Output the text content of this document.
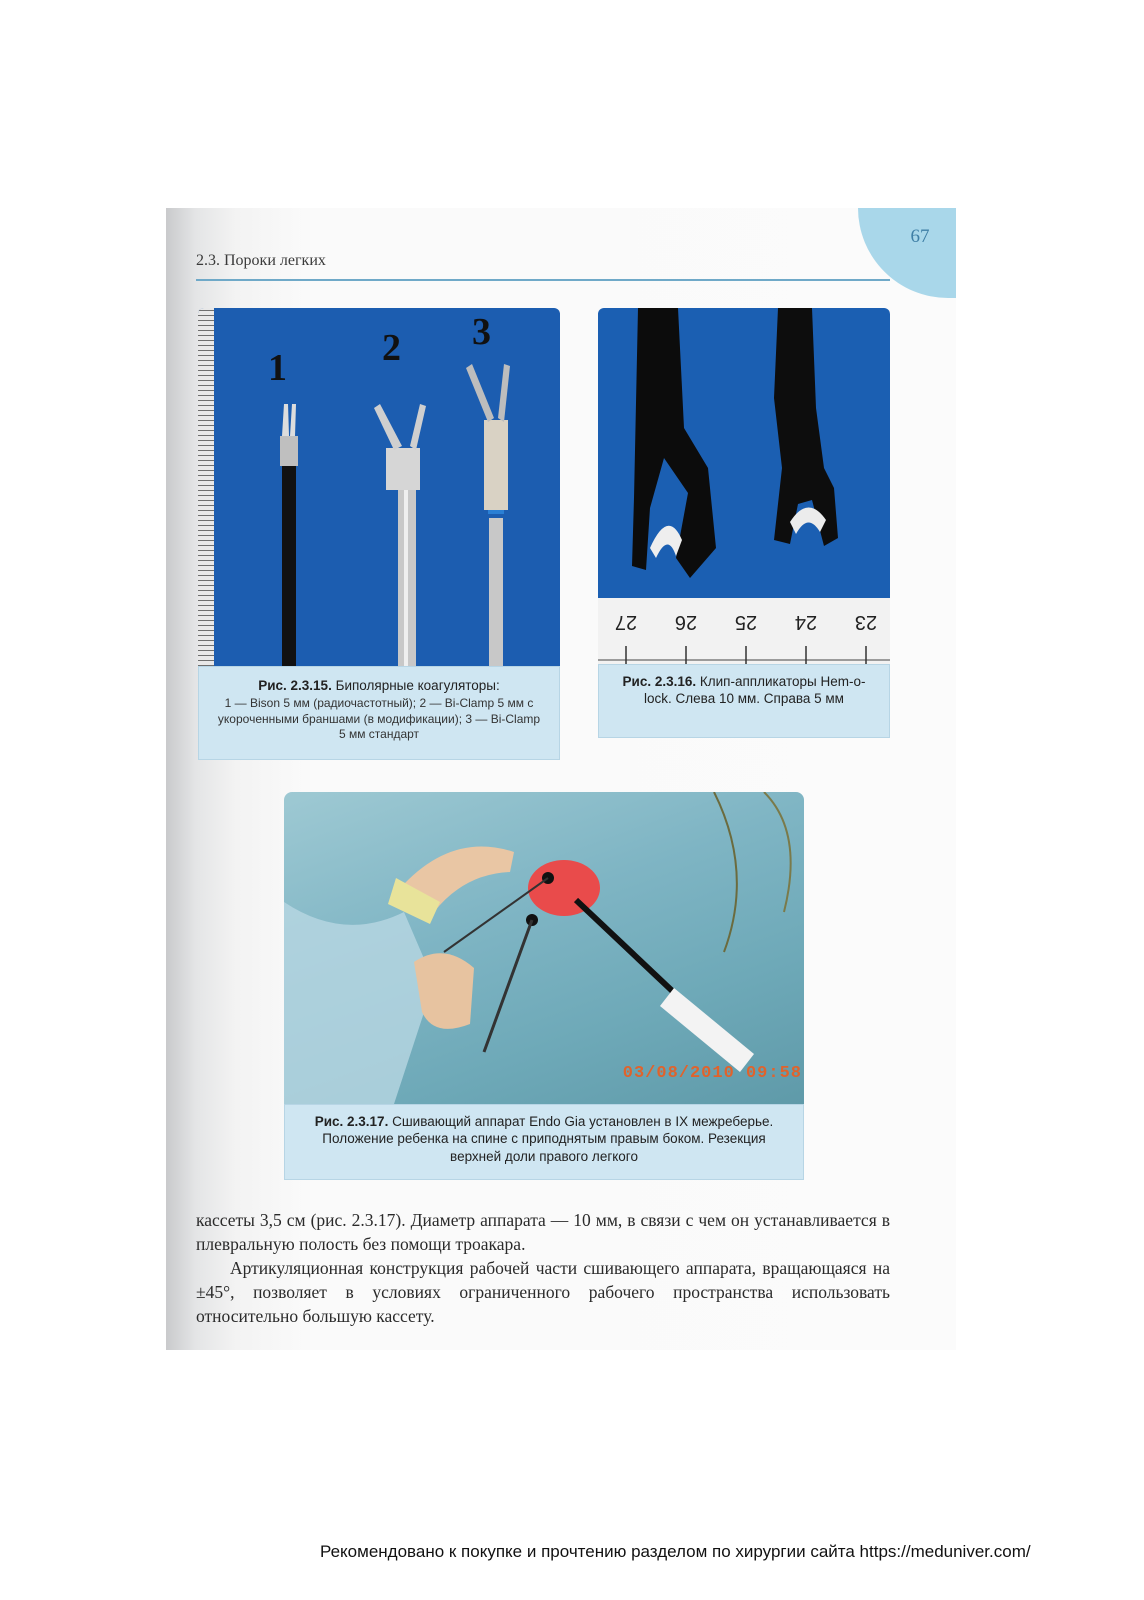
67
2.3. Пороки легких
1	2 3
Рис. 2.3.15. Биполярные коагуляторы:
1 — Bison 5 мм (радиочастотный); 2 — Bi-Clamp 5 мм с укороченными браншами (в модификации); 3 — Bi-Clamp 5 мм стандарт
27 26 25 24 23
Рис. 2.3.16. Клип-аппликаторы Hem-o-lock. Слева 10 мм. Справа 5 мм
03/08/2010 09:58
Рис. 2.3.17. Сшивающий аппарат Endo Gia установлен в IX межреберье. Положение ребенка на спине с приподнятым правым боком. Резекция верхней доли правого легкого

кассеты 3,5 см (рис. 2.3.17). Диаметр аппарата — 10 мм, в связи с чем он устанавливается в плевральную полость без помощи троакара.

Артикуляционная конструкция рабочей части сшивающего аппарата, вращающаяся на ±45°, позволяет в условиях ограниченного рабочего пространства использовать относительно большую кассету.

Рекомендовано к покупке и прочтению разделом по хирургии сайта https://meduniver.com/
